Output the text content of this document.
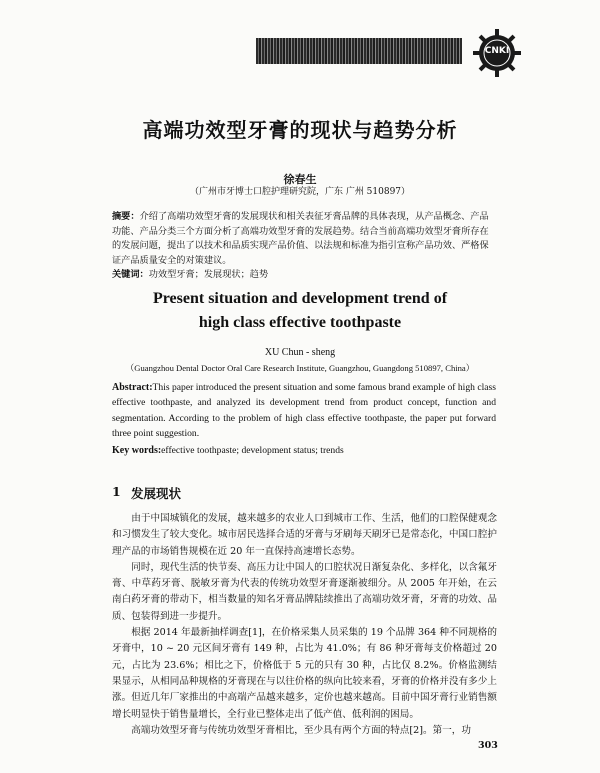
CNKI
高端功效型牙膏的现状与趋势分析
徐春生
（广州市牙博士口腔护理研究院，广东 广州 510897）
摘要：介绍了高端功效型牙膏的发展现状和相关表征牙膏品牌的具体表现，从产品概念、产品功能、产品分类三个方面分析了高端功效型牙膏的发展趋势。结合当前高端功效型牙膏所存在的发展问题，提出了以技术和品质实现产品价值、以法规和标准为指引宣称产品功效、严格保证产品质量安全的对策建议。
关键词：功效型牙膏；发展现状；趋势
Present situation and development trend of
high class effective toothpaste
XU Chun - sheng
（Guangzhou Dental Doctor Oral Care Research Institute, Guangzhou, Guangdong 510897, China）
Abstract:This paper introduced the present situation and some famous brand example of high class effective toothpaste, and analyzed its development trend from product concept, function and segmentation. According to the problem of high class effective toothpaste, the paper put forward three point suggestion.
Key words:effective toothpaste; development status; trends
1 发展现状

由于中国城镇化的发展，越来越多的农业人口到城市工作、生活，他们的口腔保健观念和习惯发生了较大变化。城市居民选择合适的牙膏与牙刷每天刷牙已是常态化，中国口腔护理产品的市场销售规模在近 20 年一直保持高速增长态势。

同时，现代生活的快节奏、高压力让中国人的口腔状况日渐复杂化、多样化，以含氟牙膏、中草药牙膏、脱敏牙膏为代表的传统功效型牙膏逐渐被细分。从 2005 年开始，在云南白药牙膏的带动下，相当数量的知名牙膏品牌陆续推出了高端功效牙膏，牙膏的功效、品质、包装得到进一步提升。

根据 2014 年最新抽样调查[1]，在价格采集人员采集的 19 个品牌 364 种不同规格的牙膏中，10 ~ 20 元区间牙膏有 149 种，占比为 41.0%；有 86 种牙膏每支价格超过 20 元，占比为 23.6%；相比之下，价格低于 5 元的只有 30 种，占比仅 8.2%。价格监测结果显示，从相同品种规格的牙膏现在与以往价格的纵向比较来看，牙膏的价格并没有多少上涨。但近几年厂家推出的中高端产品越来越多，定价也越来越高。目前中国牙膏行业销售额增长明显快于销售量增长，全行业已整体走出了低产值、低利润的困局。

高端功效型牙膏与传统功效型牙膏相比，至少具有两个方面的特点[2]。第一，功

303
